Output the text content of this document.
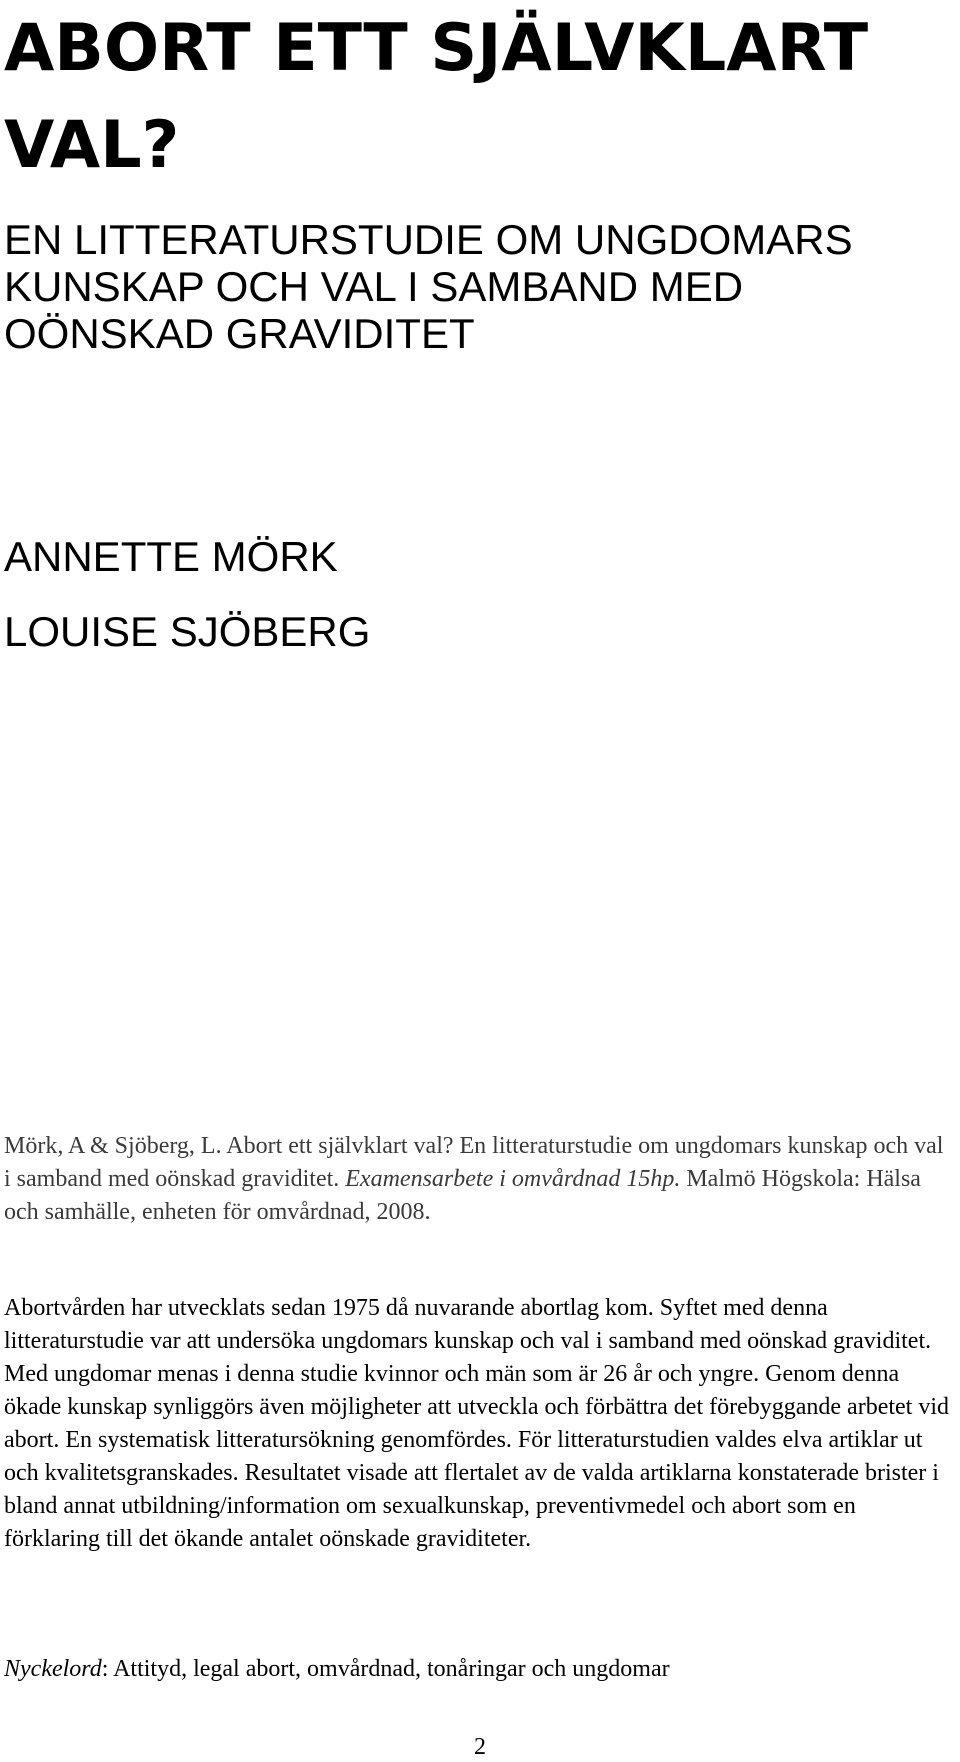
ABORT ETT SJÄLVKLART VAL?
EN LITTERATURSTUDIE OM UNGDOMARS KUNSKAP OCH VAL I SAMBAND MED OÖNSKAD GRAVIDITET
ANNETTE MÖRK
LOUISE SJÖBERG

Mörk, A & Sjöberg, L. Abort ett självklart val? En litteraturstudie om ungdomars kunskap och val i samband med oönskad graviditet. Examensarbete i omvårdnad 15hp. Malmö Högskola: Hälsa och samhälle, enheten för omvårdnad, 2008.

Abortvården har utvecklats sedan 1975 då nuvarande abortlag kom. Syftet med denna litteraturstudie var att undersöka ungdomars kunskap och val i samband med oönskad graviditet. Med ungdomar menas i denna studie kvinnor och män som är 26 år och yngre. Genom denna ökade kunskap synliggörs även möjligheter att utveckla och förbättra det förebyggande arbetet vid abort. En systematisk litteratursökning genomfördes. För litteraturstudien valdes elva artiklar ut och kvalitetsgranskades. Resultatet visade att flertalet av de valda artiklarna konstaterade brister i bland annat utbildning/information om sexualkunskap, preventivmedel och abort som en förklaring till det ökande antalet oönskade graviditeter.

Nyckelord: Attityd, legal abort, omvårdnad, tonåringar och ungdomar

2
